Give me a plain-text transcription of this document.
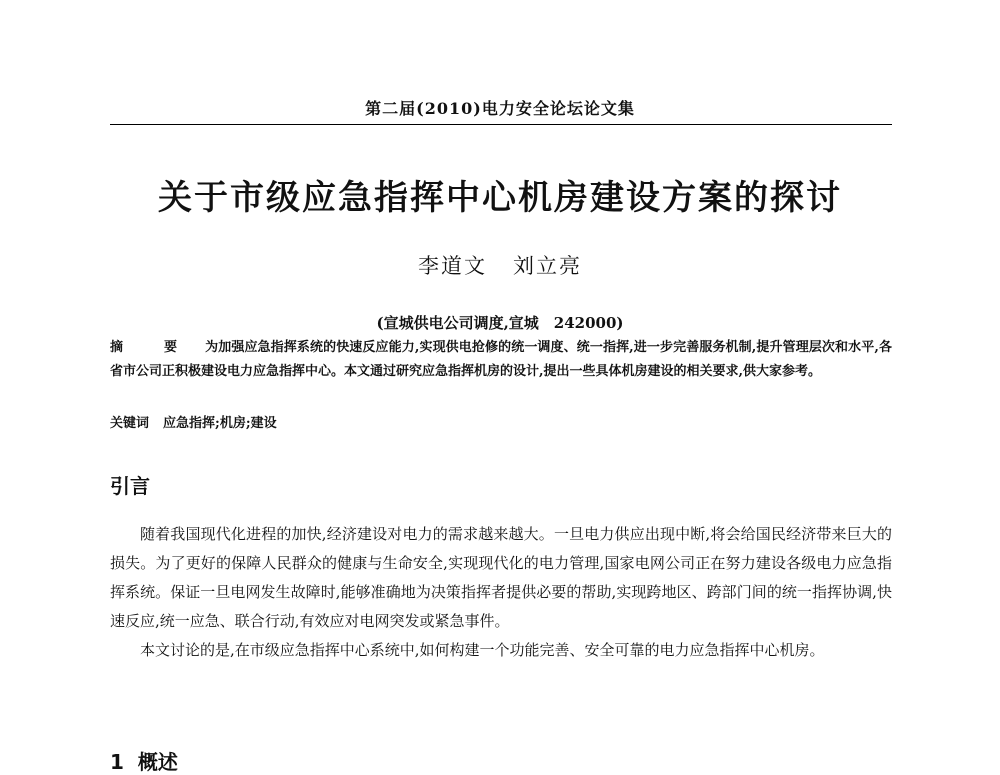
第二届(2010)电力安全论坛论文集
关于市级应急指挥中心机房建设方案的探讨
李道文 刘立亮
(宣城供电公司调度,宣城　242000)
摘　要 为加强应急指挥系统的快速反应能力,实现供电抢修的统一调度、统一指挥,进一步完善服务机制,提升管理层次和水平,各省市公司正积极建设电力应急指挥中心。本文通过研究应急指挥机房的设计,提出一些具体机房建设的相关要求,供大家参考。
关键词 应急指挥;机房;建设
引言

随着我国现代化进程的加快,经济建设对电力的需求越来越大。一旦电力供应出现中断,将会给国民经济带来巨大的损失。为了更好的保障人民群众的健康与生命安全,实现现代化的电力管理,国家电网公司正在努力建设各级电力应急指挥系统。保证一旦电网发生故障时,能够准确地为决策指挥者提供必要的帮助,实现跨地区、跨部门间的统一指挥协调,快速反应,统一应急、联合行动,有效应对电网突发或紧急事件。

本文讨论的是,在市级应急指挥中心系统中,如何构建一个功能完善、安全可靠的电力应急指挥中心机房。

1 概述
